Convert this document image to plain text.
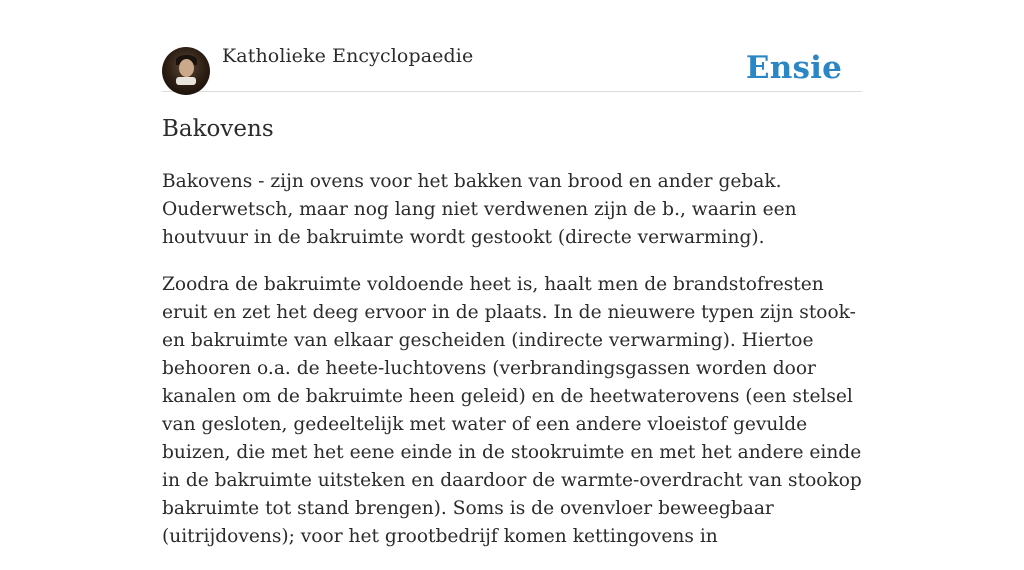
Katholieke Encyclopaedie	Ensie
Bakovens

Bakovens - zijn ovens voor het bakken van brood en ander gebak. Ouderwetsch, maar nog lang niet verdwenen zijn de b., waarin een houtvuur in de bakruimte wordt gestookt (directe verwarming).

Zoodra de bakruimte voldoende heet is, haalt men de brandstofresten eruit en zet het deeg ervoor in de plaats. In de nieuwere typen zijn stook- en bakruimte van elkaar gescheiden (indirecte verwarming). Hiertoe behooren o.a. de heete-luchtovens (verbrandingsgassen worden door kanalen om de bakruimte heen geleid) en de heetwaterovens (een stelsel van gesloten, gedeeltelijk met water of een andere vloeistof gevulde buizen, die met het eene einde in de stookruimte en met het andere einde in de bakruimte uitsteken en daardoor de warmte-overdracht van stookop bakruimte tot stand brengen). Soms is de ovenvloer beweegbaar (uitrijdovens); voor het grootbedrijf komen kettingovens in
